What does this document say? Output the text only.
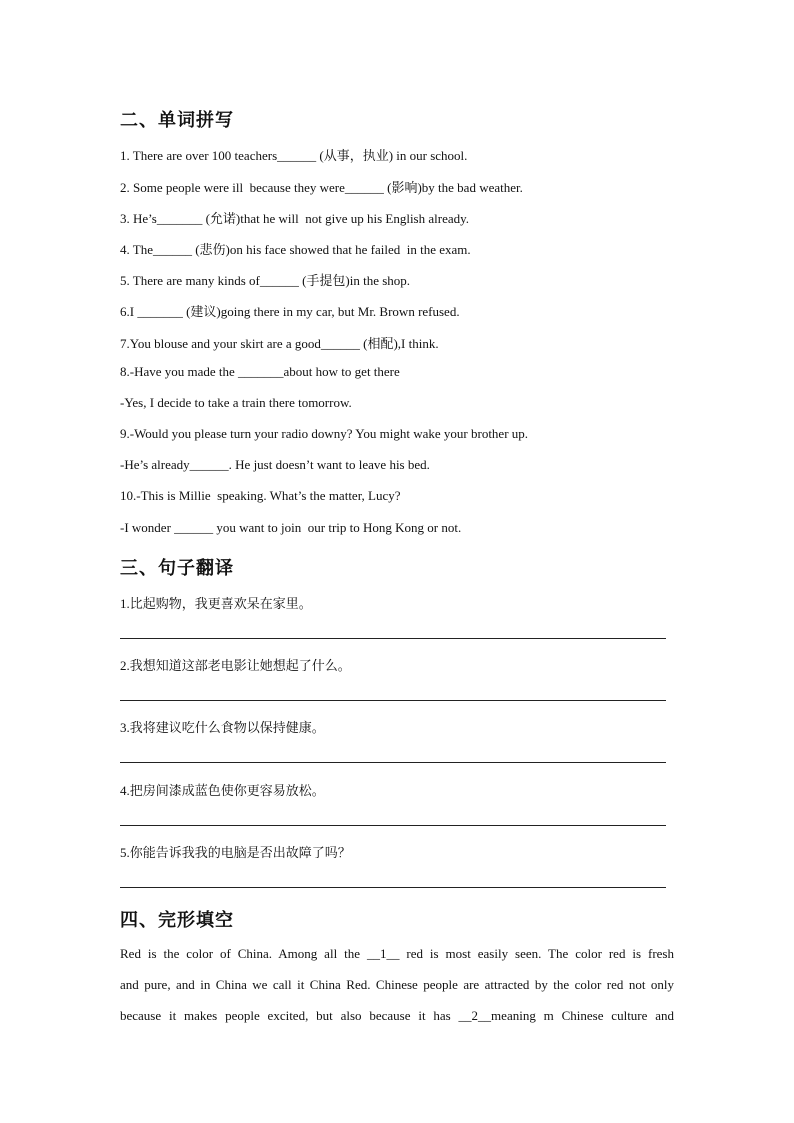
二、单词拼写
1. There are over 100 teachers______ (从事，执业) in our school.
2. Some people were ill  because they were______ (影响)by the bad weather.
3. He’s_______ (允诺)that he will  not give up his English already.
4. The______ (悲伤)on his face showed that he failed  in the exam.
5. There are many kinds of______ (手提包)in the shop.
6.I _______ (建议)going there in my car, but Mr. Brown refused.
7.You blouse and your skirt are a good______ (相配),I think.
8.-Have you made the _______about how to get there
-Yes, I decide to take a train there tomorrow.
9.-Would you please turn your radio downy? You might wake your brother up.
-He’s already______. He just doesn’t want to leave his bed.
10.-This is Millie  speaking. What’s the matter, Lucy?
-I wonder ______ you want to join  our trip to Hong Kong or not.
三、句子翻译
1.比起购物，我更喜欢呆在家里。
2.我想知道这部老电影让她想起了什么。
3.我将建议吃什么食物以保持健康。
4.把房间漆成蓝色使你更容易放松。
5.你能告诉我我的电脑是否出故障了吗？
四、完形填空
Red is the color of China. Among all the __1__ red is most easily seen. The color red is fresh
and pure, and in China we call it China Red. Chinese people are attracted by the color red not only
because it makes people excited, but also because it has __2__meaning m Chinese culture and
